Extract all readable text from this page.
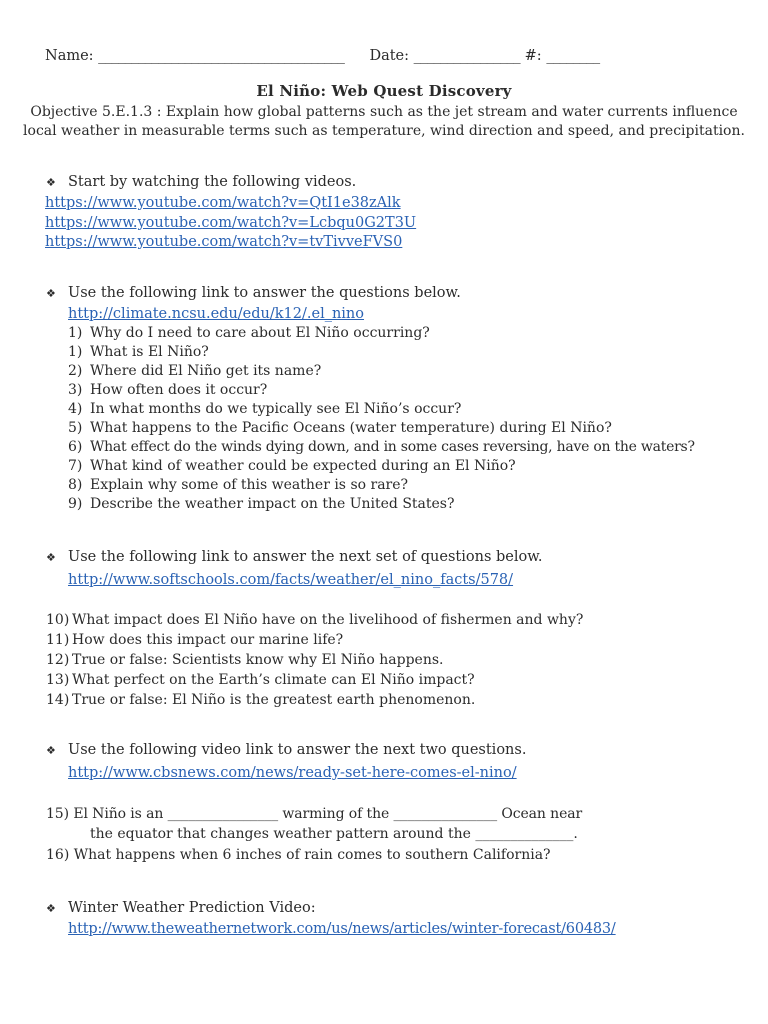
Name: _____________________________________ Date: ________________ #: ________
El Niño: Web Quest Discovery
Objective 5.E.1.3 : Explain how global patterns such as the jet stream and water currents influence
local weather in measurable terms such as temperature, wind direction and speed, and precipitation.
❖ Start by watching the following videos.
https://www.youtube.com/watch?v=QtI1e38zAlk
https://www.youtube.com/watch?v=Lcbqu0G2T3U
https://www.youtube.com/watch?v=tvTivveFVS0
❖ Use the following link to answer the questions below.
http://climate.ncsu.edu/edu/k12/.el_nino
1) Why do I need to care about El Niño occurring?
1) What is El Niño?
2) Where did El Niño get its name?
3) How often does it occur?
4) In what months do we typically see El Niño’s occur?
5) What happens to the Pacific Oceans (water temperature) during El Niño?
6) What effect do the winds dying down, and in some cases reversing, have on the waters?
7) What kind of weather could be expected during an El Niño?
8) Explain why some of this weather is so rare?
9) Describe the weather impact on the United States?
❖ Use the following link to answer the next set of questions below.
http://www.softschools.com/facts/weather/el_nino_facts/578/
10) What impact does El Niño have on the livelihood of fishermen and why?
11) How does this impact our marine life?
12) True or false: Scientists know why El Niño happens.
13) What perfect on the Earth’s climate can El Niño impact?
14) True or false: El Niño is the greatest earth phenomenon.
❖ Use the following video link to answer the next two questions.
http://www.cbsnews.com/news/ready-set-here-comes-el-nino/
15) El Niño is an ________________ warming of the _______________ Ocean near
the equator that changes weather pattern around the ______________.
16) What happens when 6 inches of rain comes to southern California?
❖ Winter Weather Prediction Video:
http://www.theweathernetwork.com/us/news/articles/winter-forecast/60483/
